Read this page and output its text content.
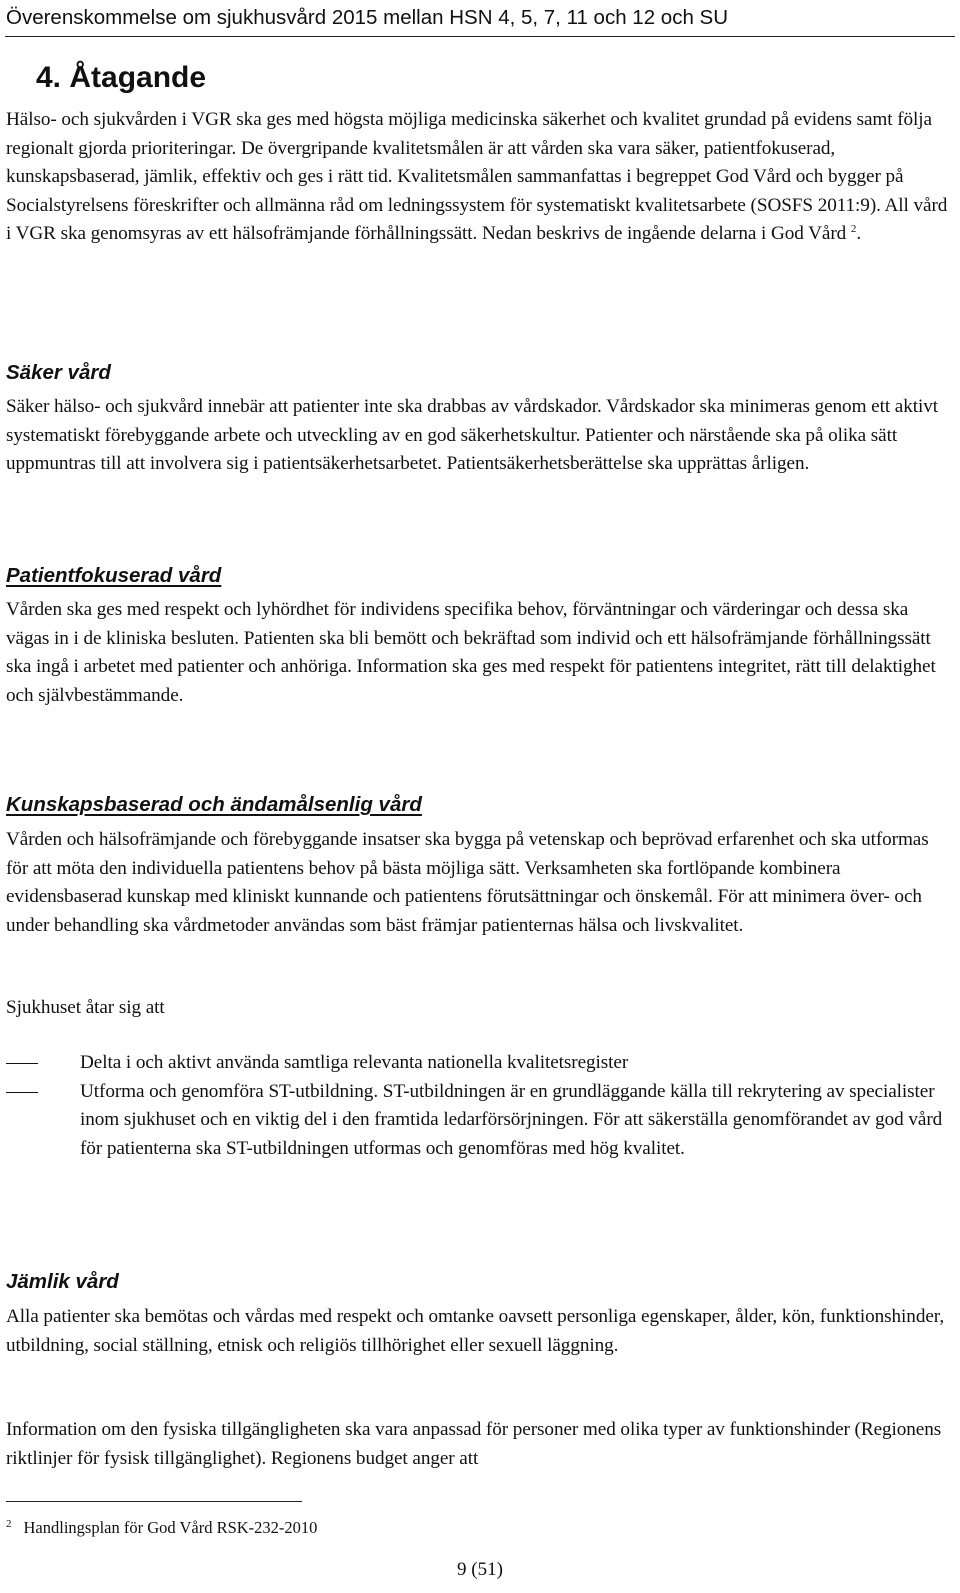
Överenskommelse om sjukhusvård 2015 mellan HSN 4, 5, 7, 11 och 12 och SU
4. Åtagande

Hälso- och sjukvården i VGR ska ges med högsta möjliga medicinska säkerhet och kvalitet grundad på evidens samt följa regionalt gjorda prioriteringar. De övergripande kvalitetsmålen är att vården ska vara säker, patientfokuserad, kunskapsbaserad, jämlik, effektiv och ges i rätt tid. Kvalitetsmålen sammanfattas i begreppet God Vård och bygger på Socialstyrelsens föreskrifter och allmänna råd om ledningssystem för systematiskt kvalitetsarbete (SOSFS 2011:9). All vård i VGR ska genomsyras av ett hälsofrämjande förhållningssätt. Nedan beskrivs de ingående delarna i God Vård $^2$.

Säker vård

Säker hälso- och sjukvård innebär att patienter inte ska drabbas av vårdskador. Vårdskador ska minimeras genom ett aktivt systematiskt förebyggande arbete och utveckling av en god säkerhetskultur. Patienter och närstående ska på olika sätt uppmuntras till att involvera sig i patientsäkerhetsarbetet. Patientsäkerhetsberättelse ska upprättas årligen.

Patientfokuserad vård

Vården ska ges med respekt och lyhördhet för individens specifika behov, förväntningar och värderingar och dessa ska vägas in i de kliniska besluten. Patienten ska bli bemött och bekräftad som individ och ett hälsofrämjande förhållningssätt ska ingå i arbetet med patienter och anhöriga. Information ska ges med respekt för patientens integritet, rätt till delaktighet och självbestämmande.

Kunskapsbaserad och ändamålsenlig vård

Vården och hälsofrämjande och förebyggande insatser ska bygga på vetenskap och beprövad erfarenhet och ska utformas för att möta den individuella patientens behov på bästa möjliga sätt. Verksamheten ska fortlöpande kombinera evidensbaserad kunskap med kliniskt kunnande och patientens förutsättningar och önskemål. För att minimera över- och under behandling ska vårdmetoder användas som bäst främjar patienternas hälsa och livskvalitet.

Sjukhuset åtar sig att

Delta i och aktivt använda samtliga relevanta nationella kvalitetsregister
Utforma och genomföra ST-utbildning. ST-utbildningen är en grundläggande källa till rekrytering av specialister inom sjukhuset och en viktig del i den framtida ledarförsörjningen. För att säkerställa genomförandet av god vård för patienterna ska ST-utbildningen utformas och genomföras med hög kvalitet.
Jämlik vård

Alla patienter ska bemötas och vårdas med respekt och omtanke oavsett personliga egenskaper, ålder, kön, funktionshinder, utbildning, social ställning, etnisk och religiös tillhörighet eller sexuell läggning.

Information om den fysiska tillgängligheten ska vara anpassad för personer med olika typer av funktionshinder (Regionens riktlinjer för fysisk tillgänglighet). Regionens budget anger att

$^2$ Handlingsplan för God Vård RSK-232-2010
9 (51)
